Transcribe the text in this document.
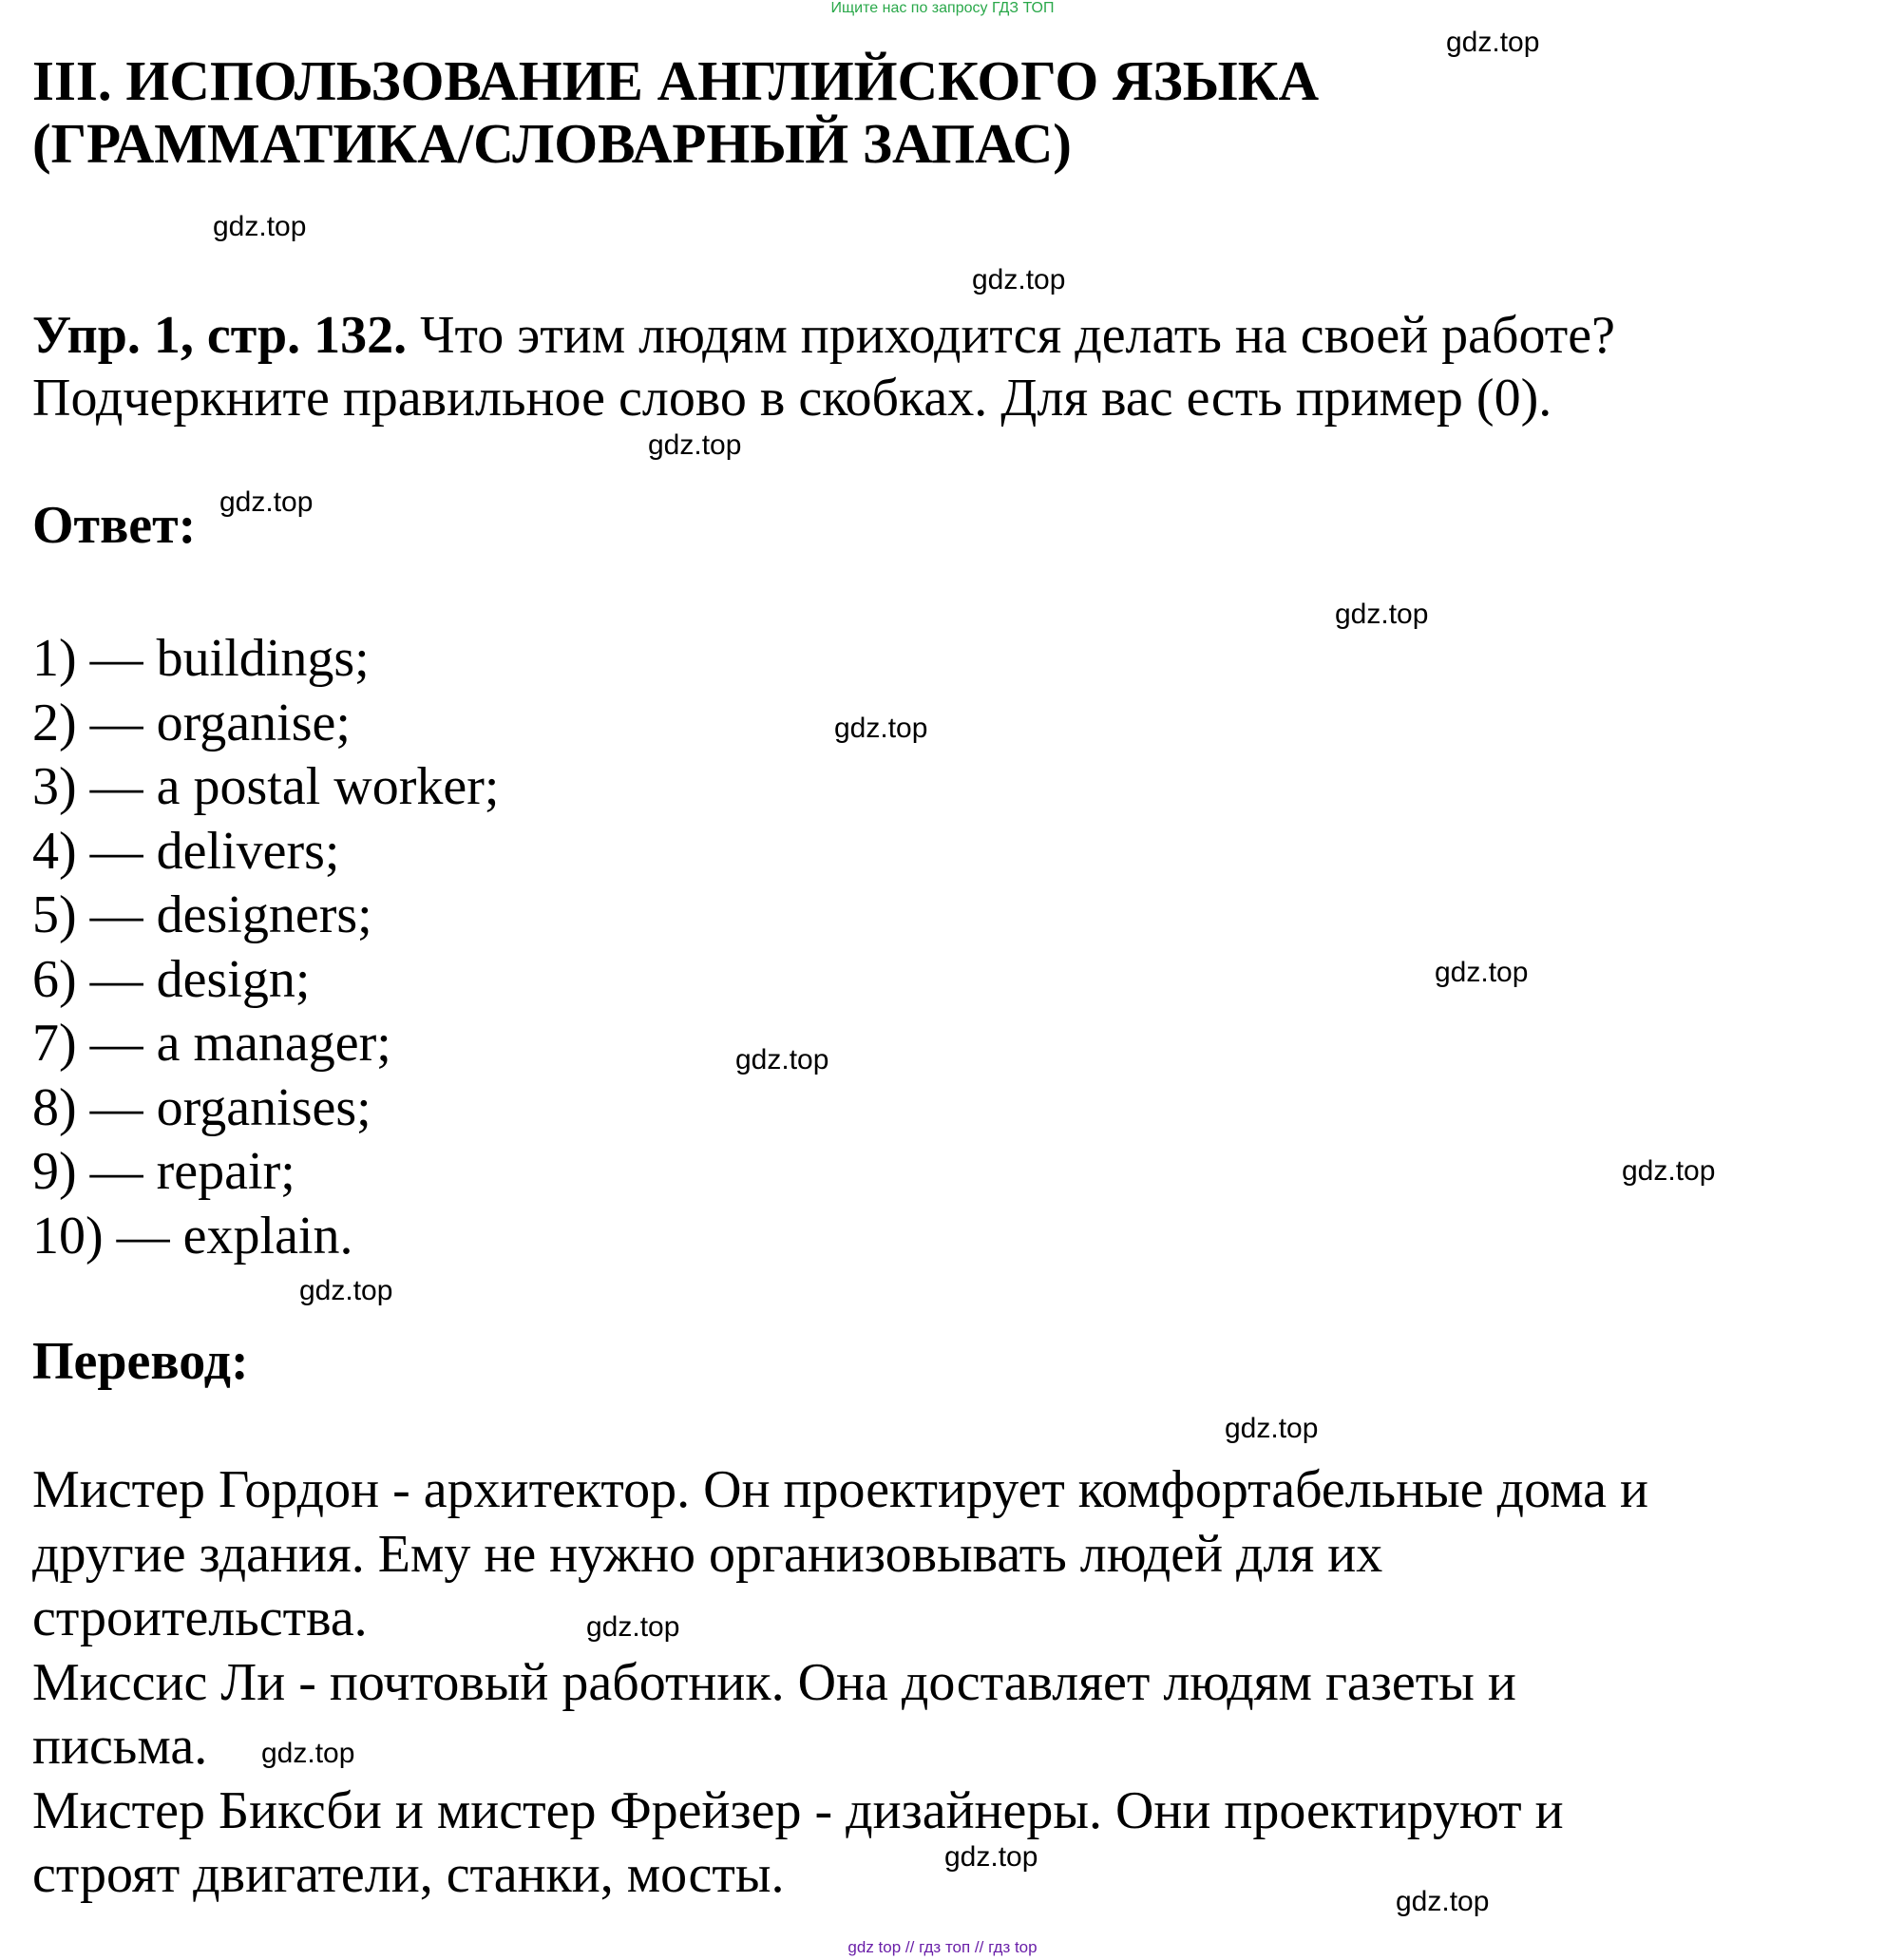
Ищите нас по запросу ГДЗ ТОП
III. ИСПОЛЬЗОВАНИЕ АНГЛИЙСКОГО ЯЗЫКА
(ГРАММАТИКА/СЛОВАРНЫЙ ЗАПАС)
Упр. 1, стр. 132. Что этим людям приходится делать на своей работе?
Подчеркните правильное слово в скобках. Для вас есть пример (0).
Ответ:
1) — buildings;
2) — organise;
3) — a postal worker;
4) — delivers;
5) — designers;
6) — design;
7) — a manager;
8) — organises;
9) — repair;
10) — explain.
Перевод:

Мистер Гордон - архитектор. Он проектирует комфортабельные дома и

другие здания. Ему не нужно организовывать людей для их

строительства.

Миссис Ли - почтовый работник. Она доставляет людям газеты и

письма.

Мистер Биксби и мистер Фрейзер - дизайнеры. Они проектируют и

строят двигатели, станки, мосты.

gdz.top
gdz.top
gdz.top
gdz.top
gdz.top
gdz.top
gdz.top
gdz.top
gdz.top
gdz.top
gdz.top
gdz.top
gdz.top
gdz.top
gdz.top
gdz.top
gdz top // гдз топ // гдз top
